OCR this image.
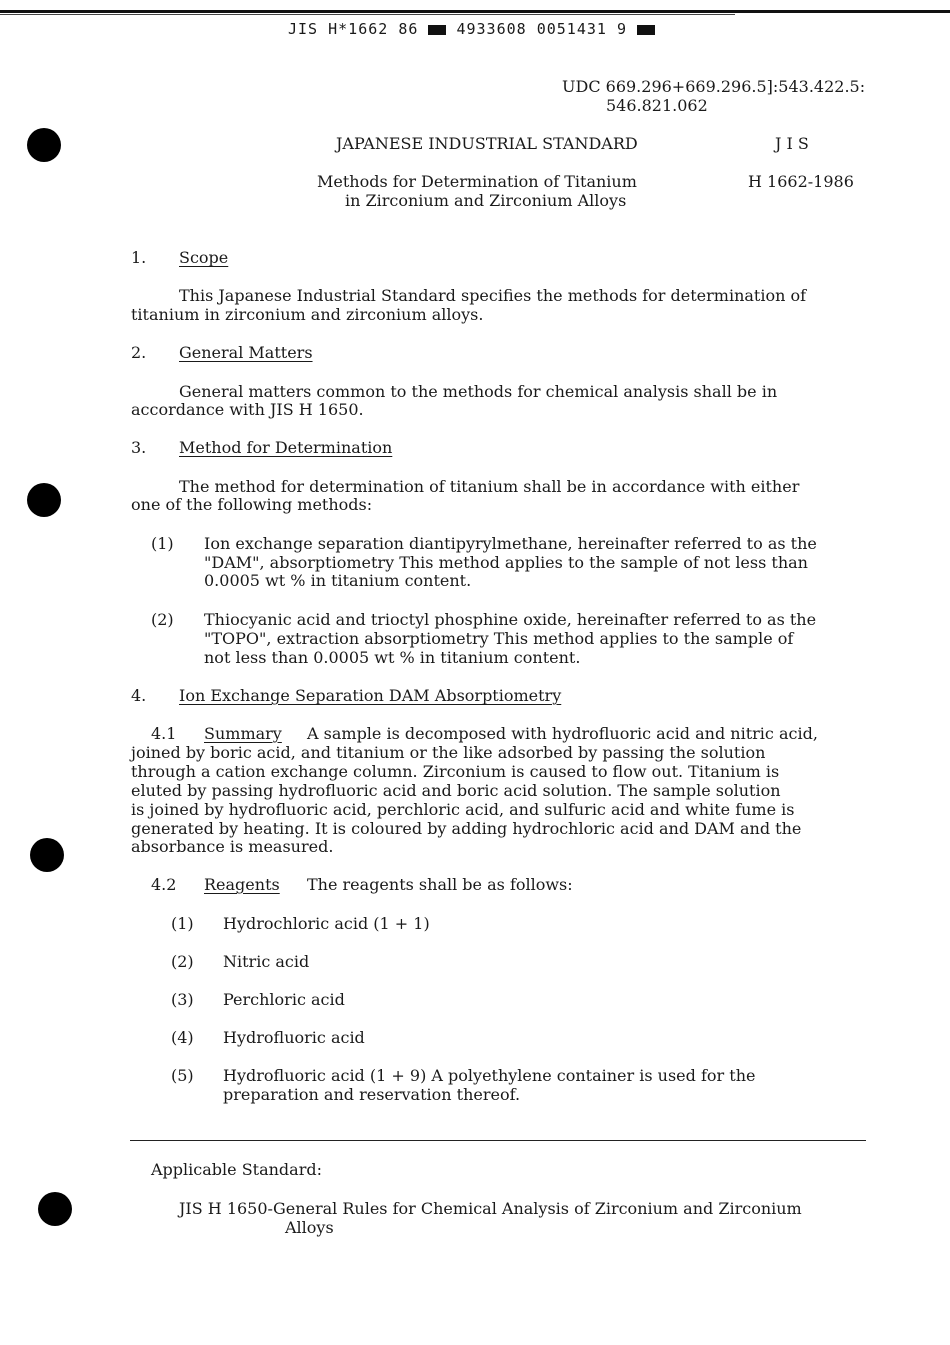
JIS H*1662 86	4933608 0051431 9
UDC 669.296+669.296.5]:543.422.5:
546.821.062
JAPANESE INDUSTRIAL STANDARD	J I S
Methods for Determination of Titanium
in Zirconium and Zirconium Alloys
H 1662-1986
1. Scope
This Japanese Industrial Standard specifies the methods for determination of
titanium in zirconium and zirconium alloys.
2. General Matters
General matters common to the methods for chemical analysis shall be in
accordance with JIS H 1650.
3. Method for Determination
The method for determination of titanium shall be in accordance with either
one of the following methods:
(1) Ion exchange separation diantipyrylmethane, hereinafter referred to as the
"DAM", absorptiometry This method applies to the sample of not less than
0.0005 wt % in titanium content.
(2) Thiocyanic acid and trioctyl phosphine oxide, hereinafter referred to as the
"TOPO", extraction absorptiometry This method applies to the sample of
not less than 0.0005 wt % in titanium content.
4. Ion Exchange Separation DAM Absorptiometry
4.1 Summary A sample is decomposed with hydrofluoric acid and nitric acid,
joined by boric acid, and titanium or the like adsorbed by passing the solution
through a cation exchange column. Zirconium is caused to flow out. Titanium is
eluted by passing hydrofluoric acid and boric acid solution. The sample solution
is joined by hydrofluoric acid, perchloric acid, and sulfuric acid and white fume is
generated by heating. It is coloured by adding hydrochloric acid and DAM and the
absorbance is measured.
4.2 Reagents The reagents shall be as follows:
(1) Hydrochloric acid (1 + 1)
(2) Nitric acid
(3) Perchloric acid
(4) Hydrofluoric acid
(5) Hydrofluoric acid (1 + 9) A polyethylene container is used for the
preparation and reservation thereof.
Applicable Standard:
JIS H 1650-General Rules for Chemical Analysis of Zirconium and Zirconium
Alloys
